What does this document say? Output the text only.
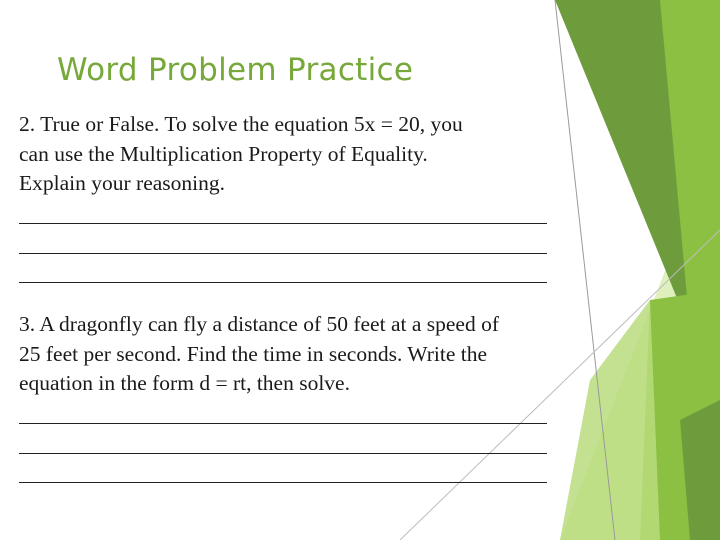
Word Problem Practice
2. True or False. To solve the equation 5x = 20, you
can use the Multiplication Property of Equality.
Explain your reasoning.
3. A dragonfly can fly a distance of 50 feet at a speed of
25 feet per second. Find the time in seconds. Write the
equation in the form d = rt, then solve.
